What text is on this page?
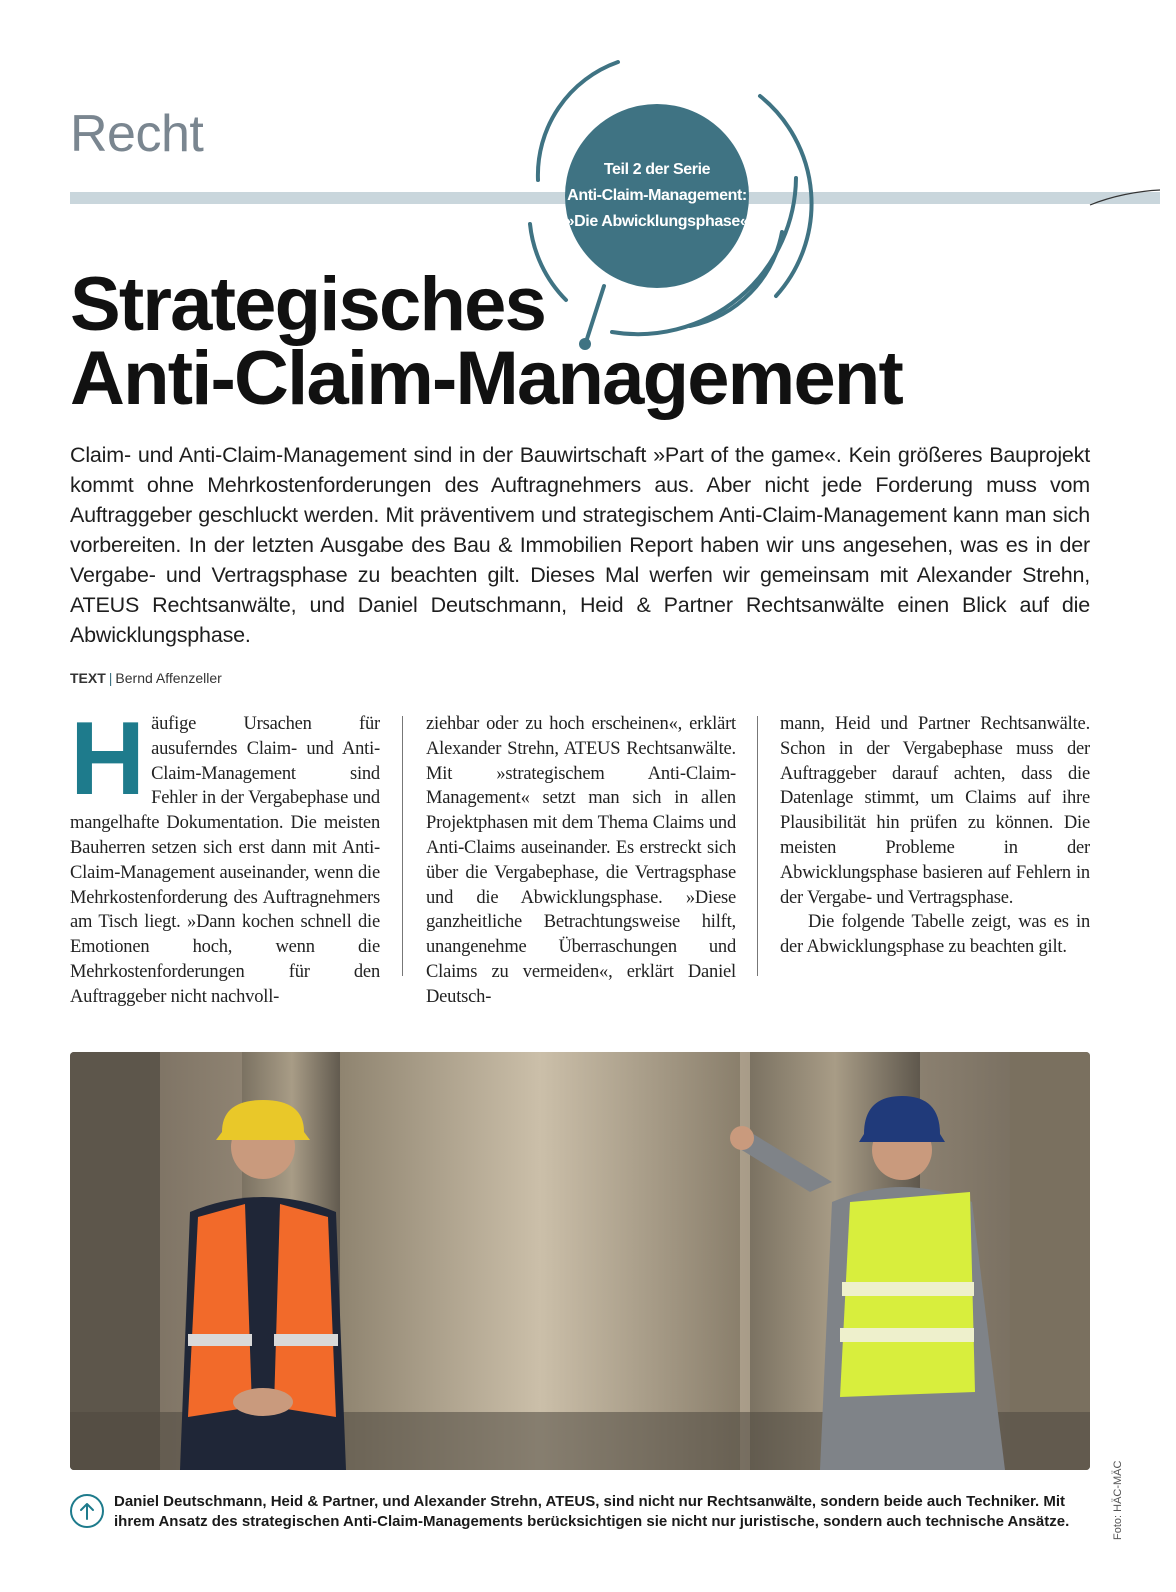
Recht
Teil 2 der Serie
Anti-Claim-Management:
»Die Abwicklungsphase«
Strategisches
Anti-Claim-Management

Claim- und Anti-Claim-Management sind in der Bauwirtschaft »Part of the game«. Kein größeres Bauprojekt kommt ohne Mehrkostenforderungen des Auftragnehmers aus. Aber nicht jede Forderung muss vom Auftraggeber geschluckt werden. Mit präventivem und strategischem Anti-Claim-Management kann man sich vorbereiten. In der letzten Ausgabe des Bau & Immobilien Report haben wir uns angesehen, was es in der Vergabe- und Vertragsphase zu beachten gilt. Dieses Mal werfen wir gemeinsam mit Alexander Strehn, ATEUS Rechtsanwälte, und Daniel Deutschmann, Heid & Partner Rechtsanwälte einen Blick auf die Abwicklungsphase.

TEXT | Bernd Affenzeller
H äufige Ursachen für ausuferndes Claim- und Anti-Claim-Management sind Fehler in der Vergabephase und mangelhafte Dokumentation. Die meisten Bauherren setzen sich erst dann mit Anti-Claim-Management auseinander, wenn die Mehrkostenforderung des Auftragnehmers am Tisch liegt. »Dann kochen schnell die Emotionen hoch, wenn die Mehrkostenforderungen für den Auftraggeber nicht nachvoll-

ziehbar oder zu hoch erscheinen«, erklärt Alexander Strehn, ATEUS Rechtsanwälte. Mit »strategischem Anti-Claim-Management« setzt man sich in allen Projektphasen mit dem Thema Claims und Anti-Claims auseinander. Es erstreckt sich über die Vergabephase, die Vertragsphase und die Abwicklungsphase. »Diese ganzheitliche Betrachtungsweise hilft, unangenehme Überraschungen und Claims zu vermeiden«, erklärt Daniel Deutsch-

mann, Heid und Partner Rechtsanwälte. Schon in der Vergabephase muss der Auftraggeber darauf achten, dass die Datenlage stimmt, um Claims auf ihre Plausibilität hin prüfen zu können. Die meisten Probleme in der Abwicklungsphase basieren auf Fehlern in der Vergabe- und Vertragsphase.

Die folgende Tabelle zeigt, was es in der Abwicklungsphase zu beachten gilt.

Foto: HÄC-MÄC

Daniel Deutschmann, Heid & Partner, und Alexander Strehn, ATEUS, sind nicht nur Rechtsanwälte, sondern beide auch Techniker. Mit ihrem Ansatz des strategischen Anti-Claim-Managements berücksichtigen sie nicht nur juristische, sondern auch technische Ansätze.
